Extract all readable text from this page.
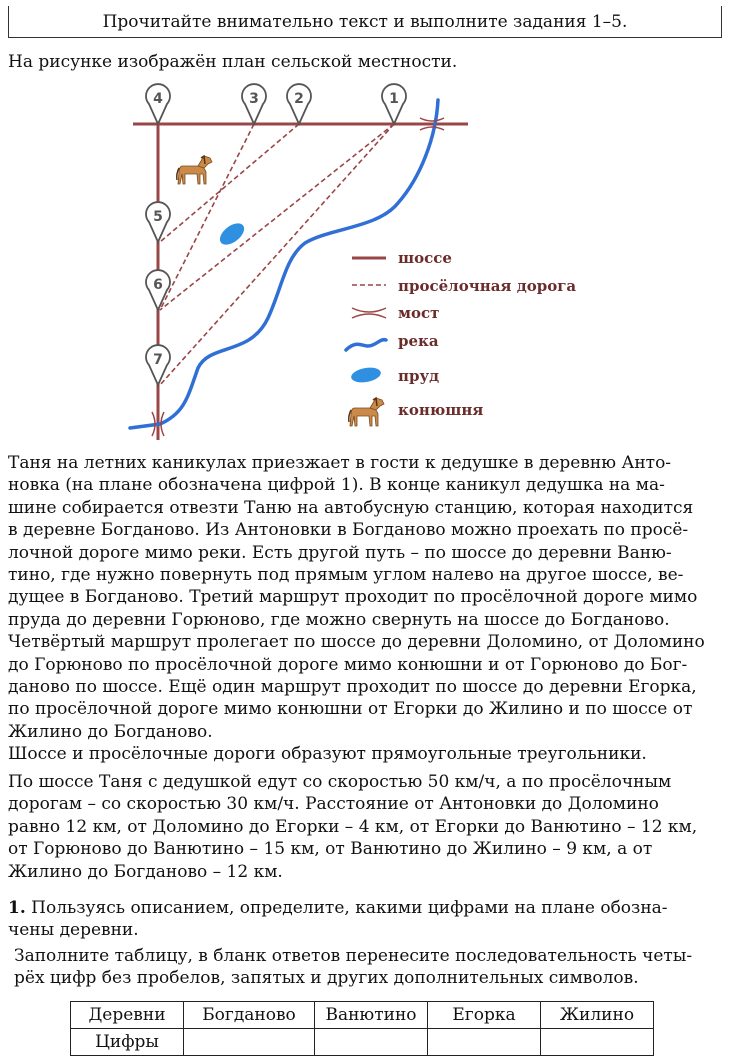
Прочитайте внимательно текст и выполните задания 1–5.
На рисунке изображён план сельской местности.
4	3	2	1
5
6
7
шоссе
просёлочная дорога
мост
река
пруд
конюшня
Таня на летних каникулах приезжает в гости к дедушке в деревню Анто-
новка (на плане обозначена цифрой 1). В конце каникул дедушка на ма-
шине собирается отвезти Таню на автобусную станцию, которая находится
в деревне Богданово. Из Антоновки в Богданово можно проехать по просё-
лочной дороге мимо реки. Есть другой путь – по шоссе до деревни Ваню-
тино, где нужно повернуть под прямым углом налево на другое шоссе, ве-
дущее в Богданово. Третий маршрут проходит по просёлочной дороге мимо
пруда до деревни Горюново, где можно свернуть на шоссе до Богданово.
Четвёртый маршрут пролегает по шоссе до деревни Доломино, от Доломино
до Горюново по просёлочной дороге мимо конюшни и от Горюново до Бог-
даново по шоссе. Ещё один маршрут проходит по шоссе до деревни Егорка,
по просёлочной дороге мимо конюшни от Егорки до Жилино и по шоссе от
Жилино до Богданово.
Шоссе и просёлочные дороги образуют прямоугольные треугольники.
По шоссе Таня с дедушкой едут со скоростью 50 км/ч, а по просёлочным
дорогам – со скоростью 30 км/ч. Расстояние от Антоновки до Доломино
равно 12 км, от Доломино до Егорки – 4 км, от Егорки до Ванютино – 12 км,
от Горюново до Ванютино – 15 км, от Ванютино до Жилино – 9 км, а от
Жилино до Богданово – 12 км.
1. Пользуясь описанием, определите, какими цифрами на плане обозна-
чены деревни.
Заполните таблицу, в бланк ответов перенесите последовательность четы-
рёх цифр без пробелов, запятых и других дополнительных символов.
Деревни	Богданово	Ванютино	Егорка	Жилино
Цифры				
